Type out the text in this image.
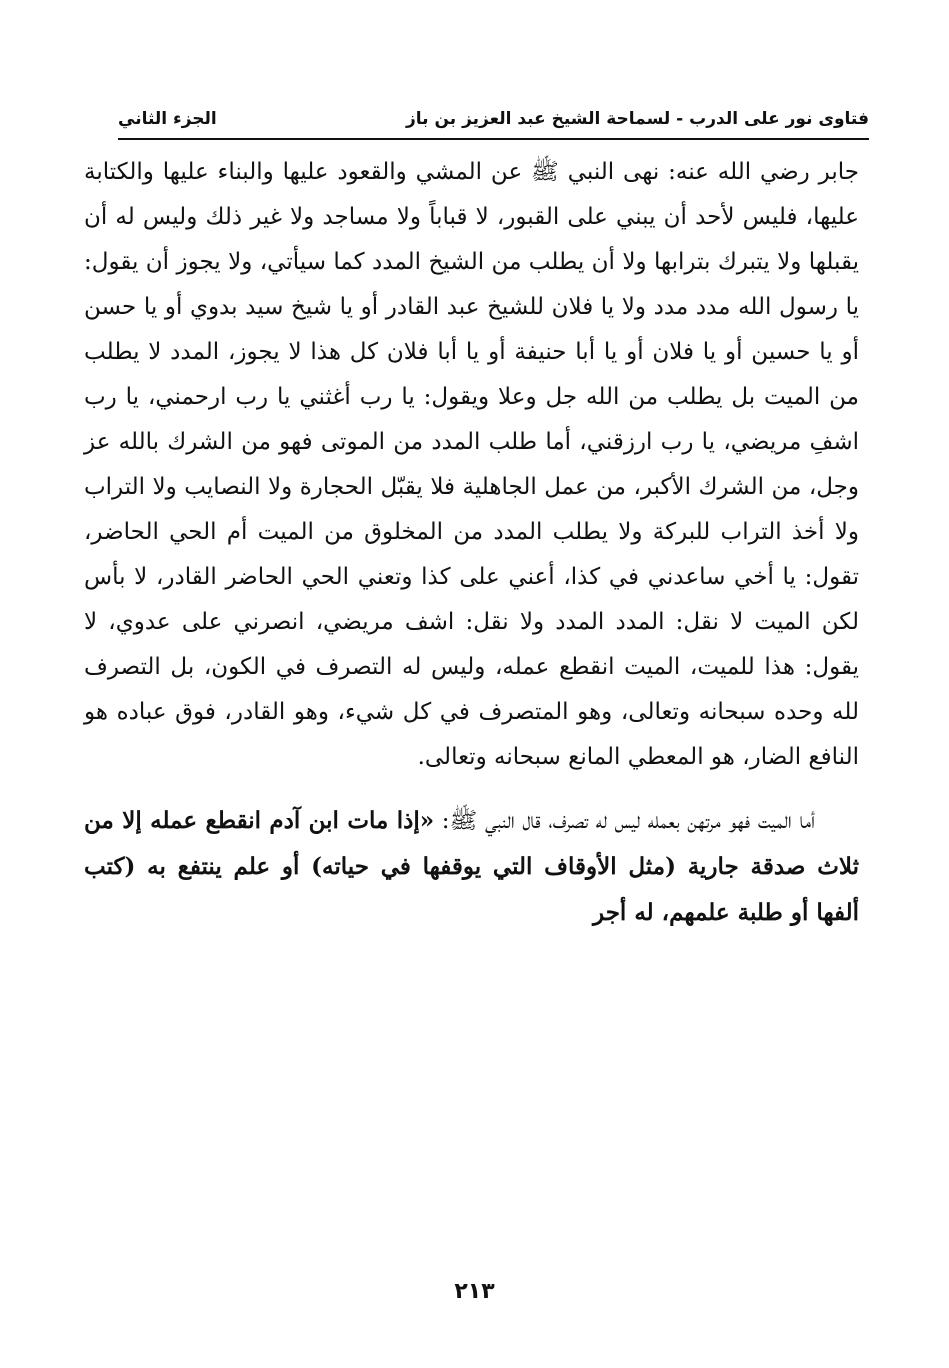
فتاوى نور على الدرب - لسماحة الشيخ عبد العزيز بن باز
الجزء الثاني

جابر رضي الله عنه: نهى النبي ﷺ عن المشي والقعود عليها والبناء عليها والكتابة عليها، فليس لأحد أن يبني على القبور، لا قباباً ولا مساجد ولا غير ذلك وليس له أن يقبلها ولا يتبرك بترابها ولا أن يطلب من الشيخ المدد كما سيأتي، ولا يجوز أن يقول: يا رسول الله مدد مدد ولا يا فلان للشيخ عبد القادر أو يا شيخ سيد بدوي أو يا حسن أو يا حسين أو يا فلان أو يا أبا حنيفة أو يا أبا فلان كل هذا لا يجوز، المدد لا يطلب من الميت بل يطلب من الله جل وعلا ويقول: يا رب أغثني يا رب ارحمني، يا رب اشفِ مريضي، يا رب ارزقني، أما طلب المدد من الموتى فهو من الشرك بالله عز وجل، من الشرك الأكبر، من عمل الجاهلية فلا يقبّل الحجارة ولا النصايب ولا التراب ولا أخذ التراب للبركة ولا يطلب المدد من المخلوق من الميت أم الحي الحاضر، تقول: يا أخي ساعدني في كذا، أعني على كذا وتعني الحي الحاضر القادر، لا بأس لكن الميت لا نقل: المدد المدد ولا نقل: اشف مريضي، انصرني على عدوي، لا يقول: هذا للميت، الميت انقطع عمله، وليس له التصرف في الكون، بل التصرف لله وحده سبحانه وتعالى، وهو المتصرف في كل شيء، وهو القادر، فوق عباده هو النافع الضار، هو المعطي المانع سبحانه وتعالى.

أما الميت فهو مرتهن بعمله ليس له تصرف، قال النبي ﷺ: «إذا مات ابن آدم انقطع عمله إلا من ثلاث صدقة جارية (مثل الأوقاف التي يوقفها في حياته) أو علم ينتفع به (كتب ألفها أو طلبة علمهم، له أجر

٢١٣
